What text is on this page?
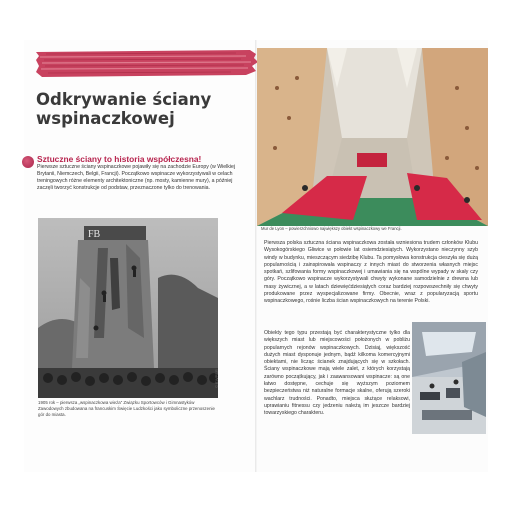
Odkrywanie ściany
wspinaczkowej
Sztuczne ściany to historia współczesna!
Pierwsze sztuczne ściany wspinaczkowe pojawiły się na zachodzie Europy (w Wielkiej Brytanii, Niemczech, Belgii, Francji). Początkowo wspinacze wykorzystywali w celach treningowych różne elementy architektoniczne (np. mosty, kamienne mury), a później zaczęli tworzyć konstrukcje od podstaw, przeznaczone tylko do trenowania.
FB
© EWPSR
1905 rok – pierwsza „wspinaczkowa wieża” Związku Sportowców i Gimnastyków Zawodowych zbudowana na francuskim Święcie Ludzkości jako symboliczne przenoszenie gór do miasta.
Mur de Lyon – powierzchniowo największy obiekt wspinaczkowy we Francji.
Pierwsza polska sztuczna ściana wspinaczkowa została wzniesiona trudem członków Klubu Wysokogórskiego Gliwice w połowie lat osiemdziesiątych. Wykorzystano nieczynny szyb windy w budynku, mieszczącym siedzibę Klubu. Ta pomysłowa konstrukcja cieszyła się dużą popularnością i zainspirowała wspinaczy z innych miast do stworzenia własnych miejsc spotkań, szlifowania formy wspinaczkowej i umawiania się na wspólne wypady w skały czy góry. Początkowo wspinacze wykorzystywali chwyty wykonane samodzielnie z drewna lub masy żywicznej, a w latach dziewięćdziesiątych coraz bardziej rozpowszechniły się chwyty produkowane przez wyspecjalizowane firmy. Obecnie, wraz z popularyzacją sportu wspinaczkowego, rośnie liczba ścian wspinaczkowych na terenie Polski.
Obiekty tego typu przestają być charakterystyczne tylko dla większych miast lub miejscowości położonych w pobliżu popularnych rejonów wspinaczkowych. Dzisiaj, większość dużych miast dysponuje jednym, bądź kilkoma komercyjnymi obiektami, nie licząc ścianek znajdujących się w szkołach. Ściany wspinaczkowe mają wiele zalet, z których korzystają zarówno początkujący, jak i zaawansowani wspinacze: są one łatwo dostępne, cechuje się wyższym poziomem bezpieczeństwa niż naturalne formacje skalne, oferują szeroki wachlarz trudności. Ponadto, miejsca służące relaksowi, uprawianiu fitnessu czy jedzeniu należą im jeszcze bardziej towarzyskiego charakteru.
